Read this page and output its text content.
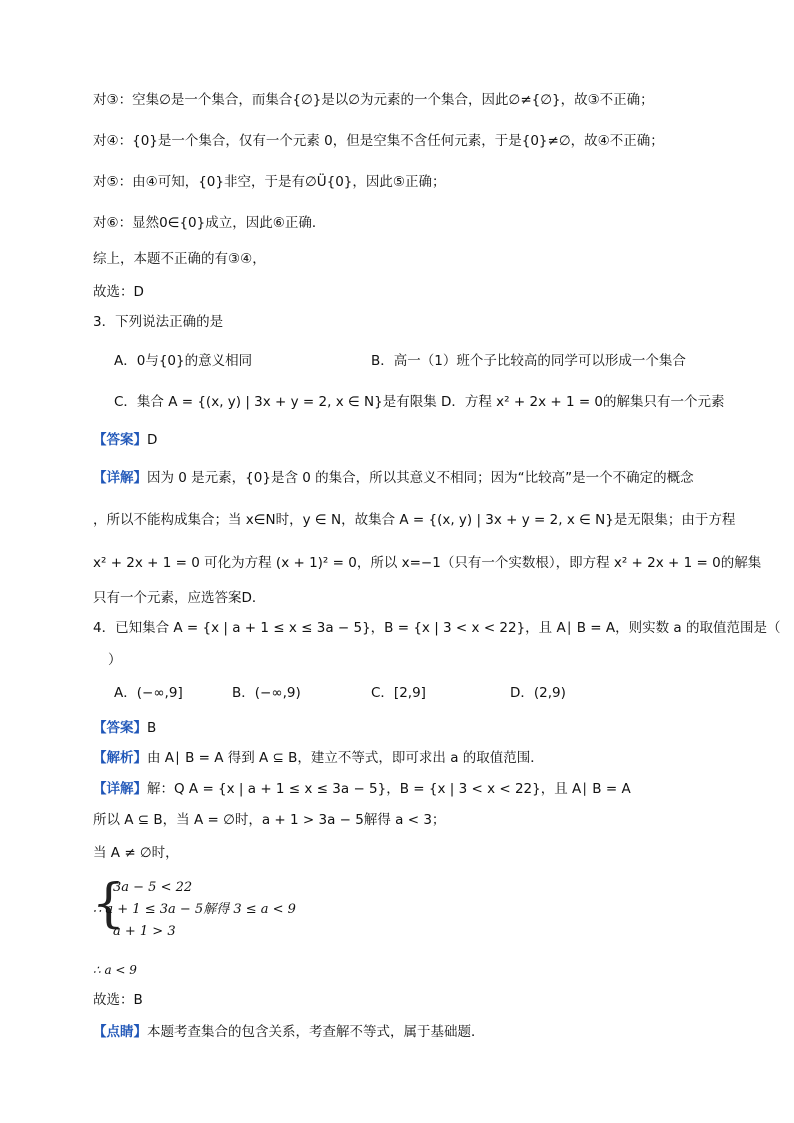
对③：空集∅是一个集合，而集合{∅}是以∅为元素的一个集合，因此∅≠{∅}，故③不正确；
对④：{0}是一个集合，仅有一个元素 0，但是空集不含任何元素，于是{0}≠∅，故④不正确；
对⑤：由④可知，{0}非空，于是有∅Ü{0}，因此⑤正确；
对⑥：显然0∈{0}成立，因此⑥正确．
综上，本题不正确的有③④，
故选：D
3．下列说法正确的是
A．0与{0}的意义相同	B．高一（1）班个子比较高的同学可以形成一个集合
C．集合 A = {(x, y) | 3x + y = 2, x ∈ N}是有限集 D．方程 x² + 2x + 1 = 0的解集只有一个元素
【答案】D
【详解】因为 0 是元素，{0}是含 0 的集合，所以其意义不相同；因为“比较高”是一个不确定的概念
，所以不能构成集合；当 x∈N时，y ∈ N，故集合 A = {(x, y) | 3x + y = 2, x ∈ N}是无限集；由于方程
x² + 2x + 1 = 0 可化为方程 (x + 1)² = 0，所以 x=−1（只有一个实数根），即方程 x² + 2x + 1 = 0的解集
只有一个元素，应选答案D．
4．已知集合 A = {x | a + 1 ≤ x ≤ 3a − 5}，B = {x | 3 < x < 22}，且 A∣ B = A，则实数 a 的取值范围是（
）
A．(−∞,9]	B．(−∞,9)	C．[2,9]	D．(2,9)
【答案】B
【解析】由 A∣ B = A 得到 A ⊆ B，建立不等式，即可求出 a 的取值范围．
【详解】解：Q A = {x | a + 1 ≤ x ≤ 3a − 5}，B = {x | 3 < x < 22}，且 A∣ B = A
所以 A ⊆ B，当 A = ∅时，a + 1 > 3a − 5解得 a < 3；
当 A ≠ ∅时，
{
3a − 5 < 22
∴ a + 1 ≤ 3a − 5解得 3 ≤ a < 9
a + 1 > 3
∴ a < 9
故选：B
【点睛】本题考查集合的包含关系，考查解不等式，属于基础题．
